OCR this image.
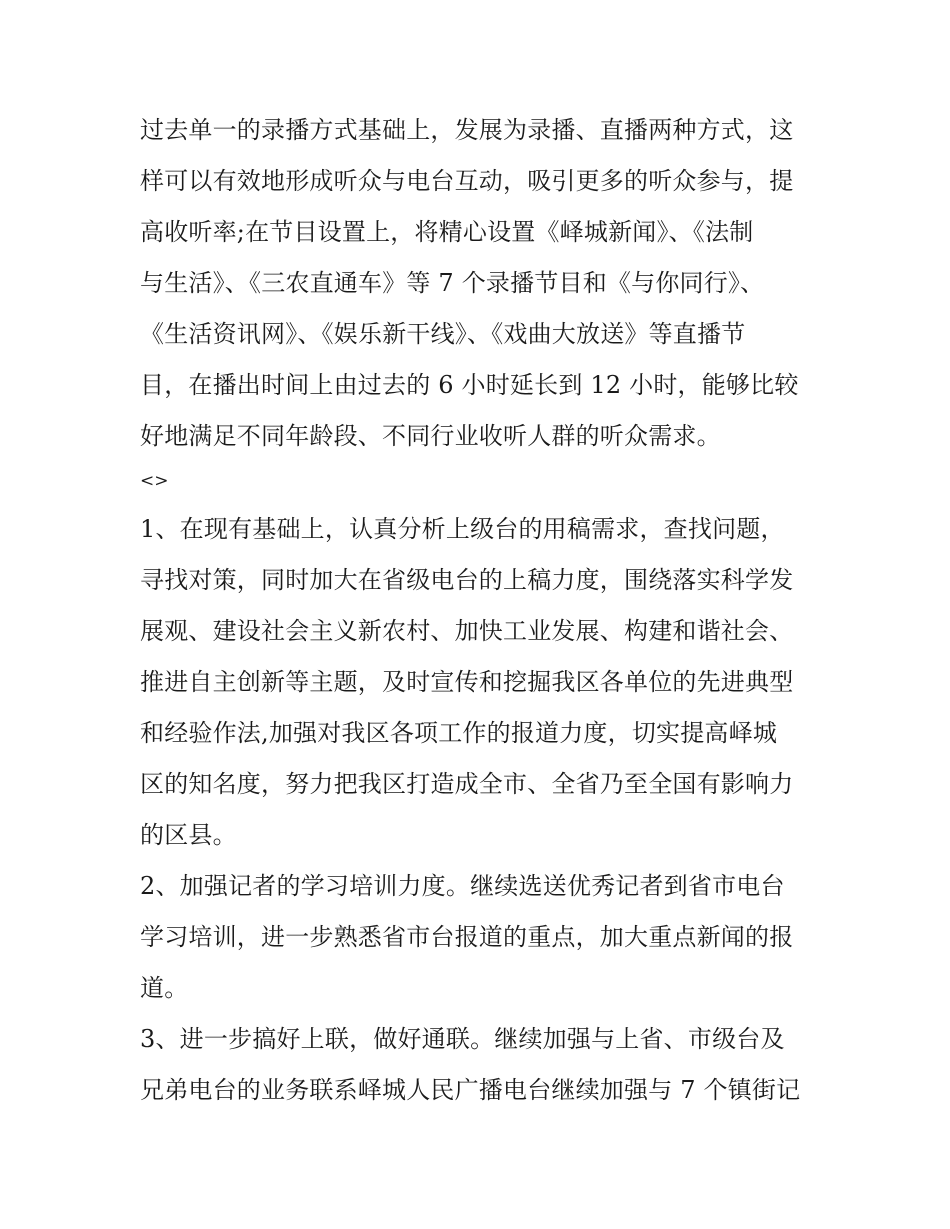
过去单一的录播方式基础上，发展为录播、直播两种方式，这
样可以有效地形成听众与电台互动，吸引更多的听众参与，提
高收听率;在节目设置上，将精心设置《峄城新闻》、《法制
与生活》、《三农直通车》等 7 个录播节目和《与你同行》、
《生活资讯网》、《娱乐新干线》、《戏曲大放送》等直播节
目，在播出时间上由过去的 6 小时延长到 12 小时，能够比较
好地满足不同年龄段、不同行业收听人群的听众需求。
<>
1、在现有基础上，认真分析上级台的用稿需求，查找问题，
寻找对策，同时加大在省级电台的上稿力度，围绕落实科学发
展观、建设社会主义新农村、加快工业发展、构建和谐社会、
推进自主创新等主题，及时宣传和挖掘我区各单位的先进典型
和经验作法,加强对我区各项工作的报道力度，切实提高峄城
区的知名度，努力把我区打造成全市、全省乃至全国有影响力
的区县。
2、加强记者的学习培训力度。继续选送优秀记者到省市电台
学习培训，进一步熟悉省市台报道的重点，加大重点新闻的报
道。
3、进一步搞好上联，做好通联。继续加强与上省、市级台及
兄弟电台的业务联系峄城人民广播电台继续加强与 7 个镇街记
